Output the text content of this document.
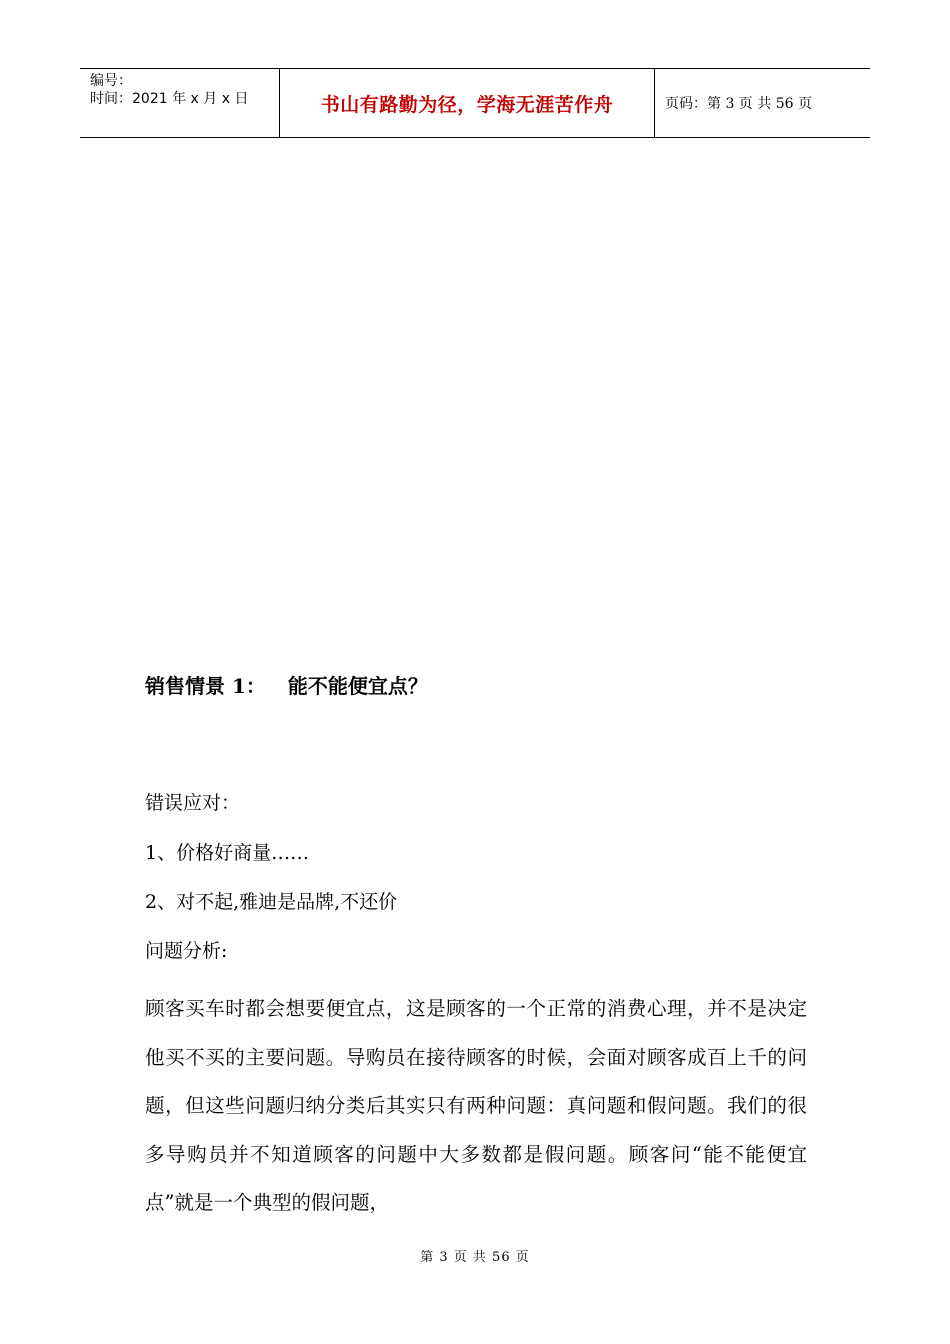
编号：
时间：2021 年 x 月 x 日	书山有路勤为径，学海无涯苦作舟	页码：第 3 页 共 56 页
销售情景 1： 能不能便宜点？
错误应对：
1、价格好商量……
2、对不起,雅迪是品牌,不还价
问题分析:
顾客买车时都会想要便宜点，这是顾客的一个正常的消费心理，并不是决定他买不买的主要问题。导购员在接待顾客的时候，会面对顾客成百上千的问题，但这些问题归纳分类后其实只有两种问题：真问题和假问题。我们的很多导购员并不知道顾客的问题中大多数都是假问题。顾客问“能不能便宜点”就是一个典型的假问题，
第 3 页 共 56 页
